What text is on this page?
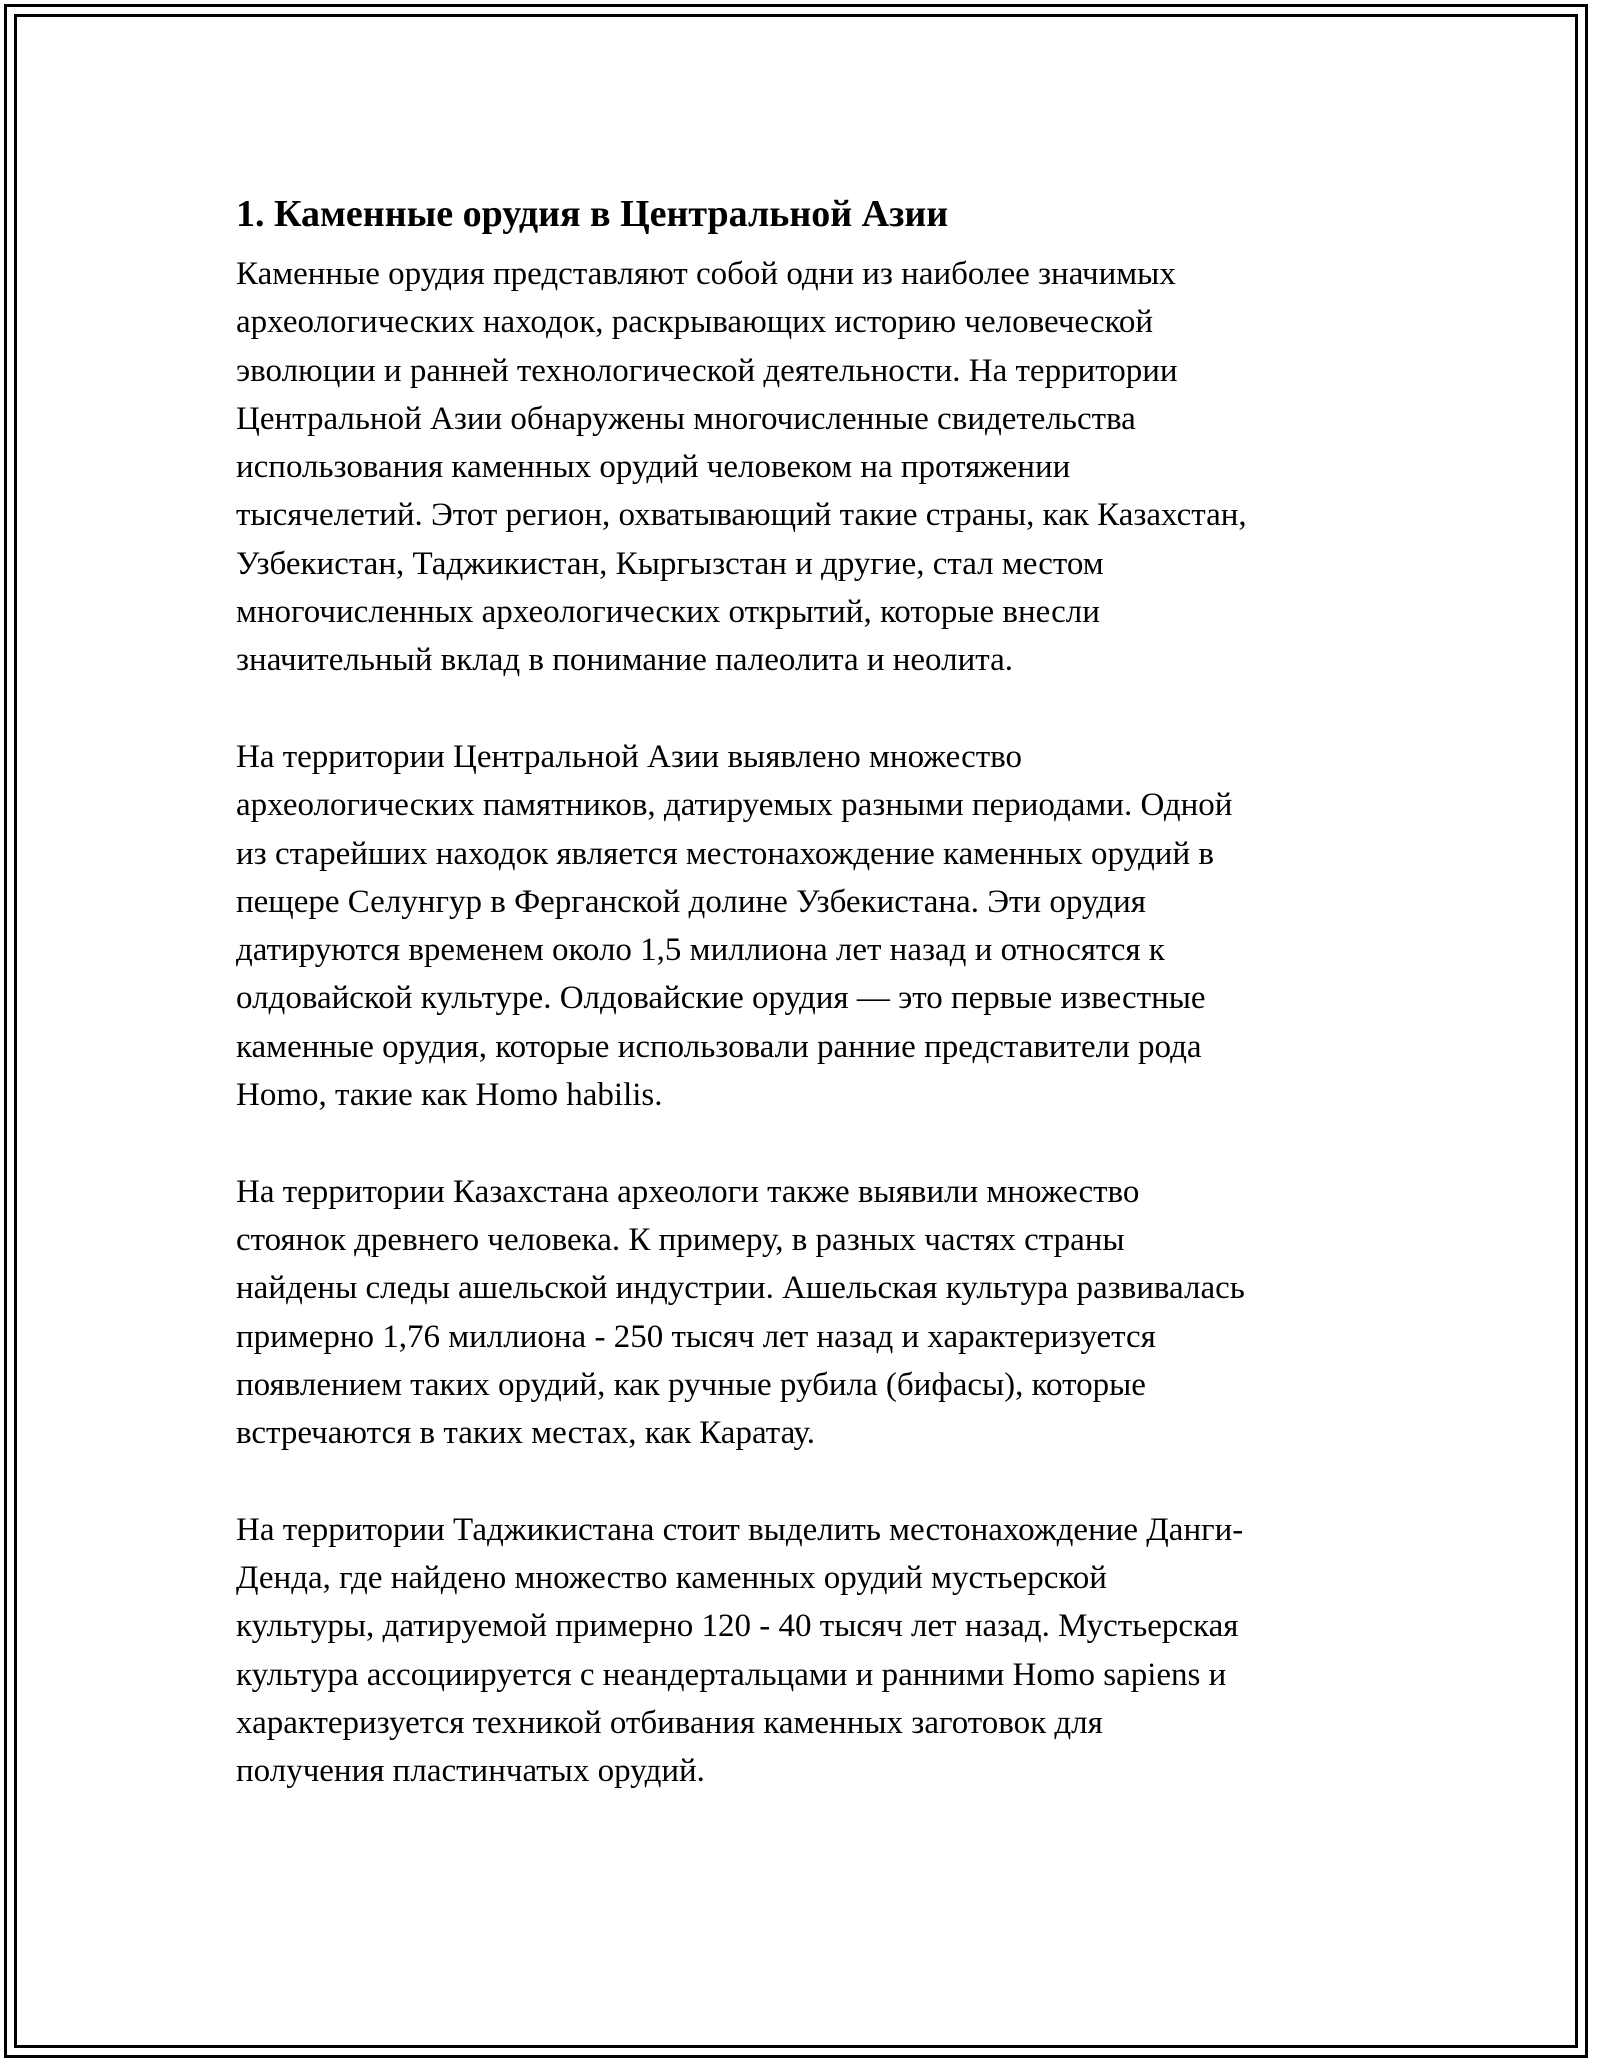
1. Каменные орудия в Центральной Азии

Каменные орудия представляют собой одни из наиболее значимых
археологических находок, раскрывающих историю человеческой
эволюции и ранней технологической деятельности. На территории
Центральной Азии обнаружены многочисленные свидетельства
использования каменных орудий человеком на протяжении
тысячелетий. Этот регион, охватывающий такие страны, как Казахстан,
Узбекистан, Таджикистан, Кыргызстан и другие, стал местом
многочисленных археологических открытий, которые внесли
значительный вклад в понимание палеолита и неолита.

На территории Центральной Азии выявлено множество
археологических памятников, датируемых разными периодами. Одной
из старейших находок является местонахождение каменных орудий в
пещере Селунгур в Ферганской долине Узбекистана. Эти орудия
датируются временем около 1,5 миллиона лет назад и относятся к
олдовайской культуре. Олдовайские орудия — это первые известные
каменные орудия, которые использовали ранние представители рода
Homo, такие как Homo habilis.

На территории Казахстана археологи также выявили множество
стоянок древнего человека. К примеру, в разных частях страны
найдены следы ашельской индустрии. Ашельская культура развивалась
примерно 1,76 миллиона - 250 тысяч лет назад и характеризуется
появлением таких орудий, как ручные рубила (бифасы), которые
встречаются в таких местах, как Каратау.

На территории Таджикистана стоит выделить местонахождение Данги-
Денда, где найдено множество каменных орудий мустьерской
культуры, датируемой примерно 120 - 40 тысяч лет назад. Мустьерская
культура ассоциируется с неандертальцами и ранними Homo sapiens и
характеризуется техникой отбивания каменных заготовок для
получения пластинчатых орудий.
